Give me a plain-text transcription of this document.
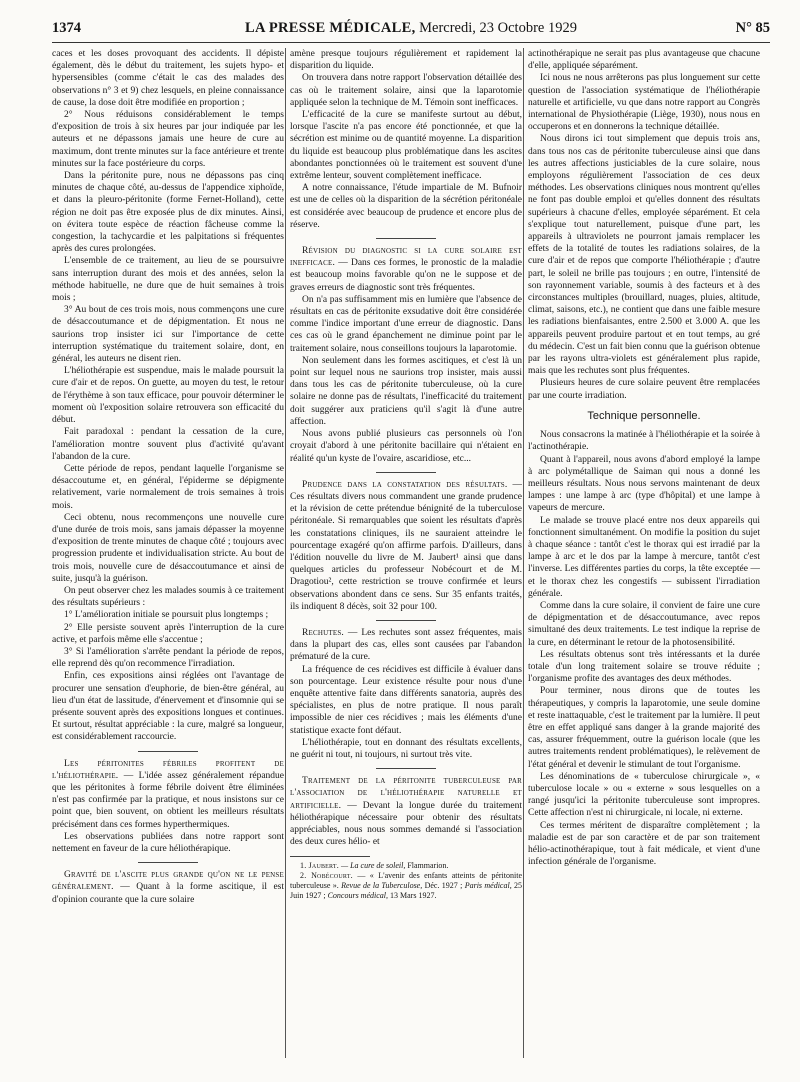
1374	LA PRESSE MÉDICALE, Mercredi, 23 Octobre 1929	N° 85

caces et les doses provoquant des accidents. Il dépiste également, dès le début du traitement, les sujets hypo- et hypersensibles (comme c'était le cas des malades des observations n° 3 et 9) chez lesquels, en pleine connaissance de cause, la dose doit être modifiée en proportion ;

2° Nous réduisons considérablement le temps d'exposition de trois à six heures par jour indiquée par les auteurs et ne dépassons jamais une heure de cure au maximum, dont trente minutes sur la face antérieure et trente minutes sur la face postérieure du corps.

Dans la péritonite pure, nous ne dépassons pas cinq minutes de chaque côté, au-dessus de l'appendice xiphoïde, et dans la pleuro-péritonite (forme Fernet-Holland), cette région ne doit pas être exposée plus de dix minutes. Ainsi, on évitera toute espèce de réaction fâcheuse comme la congestion, la tachycardie et les palpitations si fréquentes après des cures prolongées.

L'ensemble de ce traitement, au lieu de se poursuivre sans interruption durant des mois et des années, selon la méthode habituelle, ne dure que de huit semaines à trois mois ;

3° Au bout de ces trois mois, nous commençons une cure de désaccoutumance et de dépigmentation. Et nous ne saurions trop insister ici sur l'importance de cette interruption systématique du traitement solaire, dont, en général, les auteurs ne disent rien.

L'héliothérapie est suspendue, mais le malade poursuit la cure d'air et de repos. On guette, au moyen du test, le retour de l'érythème à son taux efficace, pour pouvoir déterminer le moment où l'exposition solaire retrouvera son efficacité du début.

Fait paradoxal : pendant la cessation de la cure, l'amélioration montre souvent plus d'activité qu'avant l'abandon de la cure.

Cette période de repos, pendant laquelle l'organisme se désaccoutume et, en général, l'épiderme se dépigmente relativement, varie normalement de trois semaines à trois mois.

Ceci obtenu, nous recommençons une nouvelle cure d'une durée de trois mois, sans jamais dépasser la moyenne d'exposition de trente minutes de chaque côté ; toujours avec progression prudente et individualisation stricte. Au bout de trois mois, nouvelle cure de désaccoutumance et ainsi de suite, jusqu'à la guérison.

On peut observer chez les malades soumis à ce traitement des résultats supérieurs :

1° L'amélioration initiale se poursuit plus longtemps ;

2° Elle persiste souvent après l'interruption de la cure active, et parfois même elle s'accentue ;

3° Si l'amélioration s'arrête pendant la période de repos, elle reprend dès qu'on recommence l'irradiation.

Enfin, ces expositions ainsi réglées ont l'avantage de procurer une sensation d'euphorie, de bien-être général, au lieu d'un état de lassitude, d'énervement et d'insomnie qui se présente souvent après des expositions longues et continues. Et surtout, résultat appréciable : la cure, malgré sa longueur, est considérablement raccourcie.

Les péritonites fébriles profitent de l'héliothérapie. — L'idée assez généralement répandue que les péritonites à forme fébrile doivent être éliminées n'est pas confirmée par la pratique, et nous insistons sur ce point que, bien souvent, on obtient les meilleurs résultats précisément dans ces formes hyperthermiques.

Les observations publiées dans notre rapport sont nettement en faveur de la cure héliothérapique.

Gravité de l'ascite plus grande qu'on ne le pense généralement. — Quant à la forme ascitique, il est d'opinion courante que la cure solaire

amène presque toujours régulièrement et rapidement la disparition du liquide.

On trouvera dans notre rapport l'observation détaillée des cas où le traitement solaire, ainsi que la laparotomie appliquée selon la technique de M. Témoin sont inefficaces.

L'efficacité de la cure se manifeste surtout au début, lorsque l'ascite n'a pas encore été ponctionnée, et que la sécrétion est minime ou de quantité moyenne. La disparition du liquide est beaucoup plus problématique dans les ascites abondantes ponctionnées où le traitement est souvent d'une extrême lenteur, souvent complètement inefficace.

A notre connaissance, l'étude impartiale de M. Bufnoir est une de celles où la disparition de la sécrétion péritonéale est considérée avec beaucoup de prudence et encore plus de réserve.

Révision du diagnostic si la cure solaire est inefficace. — Dans ces formes, le pronostic de la maladie est beaucoup moins favorable qu'on ne le suppose et de graves erreurs de diagnostic sont très fréquentes.

On n'a pas suffisamment mis en lumière que l'absence de résultats en cas de péritonite exsudative doit être considérée comme l'indice important d'une erreur de diagnostic. Dans ces cas où le grand épanchement ne diminue point par le traitement solaire, nous conseillons toujours la laparotomie.

Non seulement dans les formes ascitiques, et c'est là un point sur lequel nous ne saurions trop insister, mais aussi dans tous les cas de péritonite tuberculeuse, où la cure solaire ne donne pas de résultats, l'inefficacité du traitement doit suggérer aux praticiens qu'il s'agit là d'une autre affection.

Nous avons publié plusieurs cas personnels où l'on croyait d'abord à une péritonite bacillaire qui n'étaient en réalité qu'un kyste de l'ovaire, ascaridiose, etc...

Prudence dans la constatation des résultats. — Ces résultats divers nous commandent une grande prudence et la révision de cette prétendue bénignité de la tuberculose péritonéale. Si remarquables que soient les résultats d'après les constatations cliniques, ils ne sauraient atteindre le pourcentage exagéré qu'on affirme parfois. D'ailleurs, dans l'édition nouvelle du livre de M. Jaubert¹ ainsi que dans quelques articles du professeur Nobécourt et de M. Dragotiou², cette restriction se trouve confirmée et leurs observations abondent dans ce sens. Sur 35 enfants traités, ils indiquent 8 décès, soit 32 pour 100.

Rechutes. — Les rechutes sont assez fréquentes, mais dans la plupart des cas, elles sont causées par l'abandon prématuré de la cure.

La fréquence de ces récidives est difficile à évaluer dans son pourcentage. Leur existence résulte pour nous d'une enquête attentive faite dans différents sanatoria, auprès des spécialistes, en plus de notre pratique. Il nous paraît impossible de nier ces récidives ; mais les éléments d'une statistique exacte font défaut.

L'héliothérapie, tout en donnant des résultats excellents, ne guérit ni tout, ni toujours, ni surtout très vite.

Traitement de la péritonite tuberculeuse par l'association de l'héliothérapie naturelle et artificielle. — Devant la longue durée du traitement héliothérapique nécessaire pour obtenir des résultats appréciables, nous nous sommes demandé si l'association des deux cures hélio- et

1. Jaubert. — La cure de soleil, Flammarion.

2. Nobécourt. — « L'avenir des enfants atteints de péritonite tuberculeuse ». Revue de la Tuberculose, Déc. 1927 ; Paris médical, 25 Juin 1927 ; Concours médical, 13 Mars 1927.

actinothérapique ne serait pas plus avantageuse que chacune d'elle, appliquée séparément.

Ici nous ne nous arrêterons pas plus longuement sur cette question de l'association systématique de l'héliothérapie naturelle et artificielle, vu que dans notre rapport au Congrès international de Physiothérapie (Liège, 1930), nous nous en occuperons et en donnerons la technique détaillée.

Nous dirons ici tout simplement que depuis trois ans, dans tous nos cas de péritonite tuberculeuse ainsi que dans les autres affections justiciables de la cure solaire, nous employons régulièrement l'association de ces deux méthodes. Les observations cliniques nous montrent qu'elles ne font pas double emploi et qu'elles donnent des résultats supérieurs à chacune d'elles, employée séparément. Et cela s'explique tout naturellement, puisque d'une part, les appareils à ultraviolets ne pourront jamais remplacer les effets de la totalité de toutes les radiations solaires, de la cure d'air et de repos que comporte l'héliothérapie ; d'autre part, le soleil ne brille pas toujours ; en outre, l'intensité de son rayonnement variable, soumis à des facteurs et à des circonstances multiples (brouillard, nuages, pluies, altitude, climat, saisons, etc.), ne contient que dans une faible mesure les radiations bienfaisantes, entre 2.500 et 3.000 A. que les appareils peuvent produire partout et en tout temps, au gré du médecin. C'est un fait bien connu que la guérison obtenue par les rayons ultra-violets est généralement plus rapide, mais que les rechutes sont plus fréquentes.

Plusieurs heures de cure solaire peuvent être remplacées par une courte irradiation.

Technique personnelle.

Nous consacrons la matinée à l'héliothérapie et la soirée à l'actinothérapie.

Quant à l'appareil, nous avons d'abord employé la lampe à arc polymétallique de Saiman qui nous a donné les meilleurs résultats. Nous nous servons maintenant de deux lampes : une lampe à arc (type d'hôpital) et une lampe à vapeurs de mercure.

Le malade se trouve placé entre nos deux appareils qui fonctionnent simultanément. On modifie la position du sujet à chaque séance : tantôt c'est le thorax qui est irradié par la lampe à arc et le dos par la lampe à mercure, tantôt c'est l'inverse. Les différentes parties du corps, la tête exceptée — et le thorax chez les congestifs — subissent l'irradiation générale.

Comme dans la cure solaire, il convient de faire une cure de dépigmentation et de désaccoutumance, avec repos simultané des deux traitements. Le test indique la reprise de la cure, en déterminant le retour de la photosensibilité.

Les résultats obtenus sont très intéressants et la durée totale d'un long traitement solaire se trouve réduite ; l'organisme profite des avantages des deux méthodes.

Pour terminer, nous dirons que de toutes les thérapeutiques, y compris la laparotomie, une seule domine et reste inattaquable, c'est le traitement par la lumière. Il peut être en effet appliqué sans danger à la grande majorité des cas, assurer fréquemment, outre la guérison locale (que les autres traitements rendent problématiques), le relèvement de l'état général et devenir le stimulant de tout l'organisme.

Les dénominations de « tuberculose chirurgicale », « tuberculose locale » ou « externe » sous lesquelles on a rangé jusqu'ici la péritonite tuberculeuse sont impropres. Cette affection n'est ni chirurgicale, ni locale, ni externe.

Ces termes méritent de disparaître complètement ; la maladie est de par son caractère et de par son traitement hélio-actinothérapique, tout à fait médicale, et vient d'une infection générale de l'organisme.
